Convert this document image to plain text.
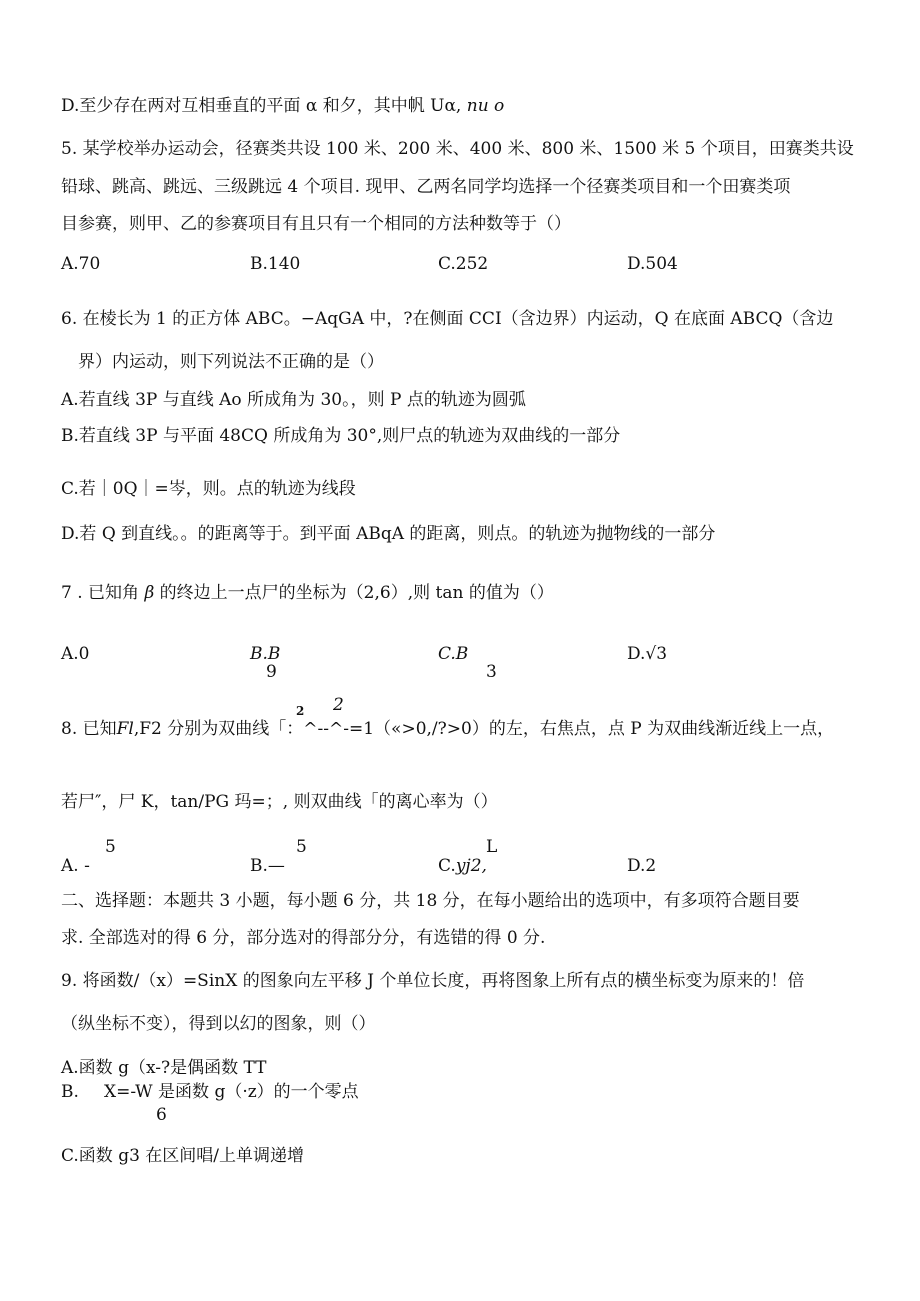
D.至少存在两对互相垂直的平面 α 和夕，其中帆 Uα, nu o
5. 某学校举办运动会，径赛类共设 100 米、200 米、400 米、800 米、1500 米 5 个项目，田赛类共设
铅球、跳高、跳远、三级跳远 4 个项目. 现甲、乙两名同学均选择一个径赛类项目和一个田赛类项
目参赛，则甲、乙的参赛项目有且只有一个相同的方法种数等于（）
A.70	B.140	C.252	D.504
6. 在棱长为 1 的正方体 ABC。−AqGA 中，?在侧面 CCI（含边界）内运动，Q 在底面 ABCQ（含边
界）内运动，则下列说法不正确的是（）
A.若直线 3P 与直线 Ao 所成角为 30。，则 P 点的轨迹为圆弧
B.若直线 3P 与平面 48CQ 所成角为 30°,则尸点的轨迹为双曲线的一部分
C.若｜0Q｜=岑，则。点的轨迹为线段
D.若 Q 到直线。。的距离等于。到平面 ABqA 的距离，则点。的轨迹为抛物线的一部分
7 . 已知角 β 的终边上一点尸的坐标为（2,6）,则 tan 的值为（）
A.0	B.B
9
C.B
3
D.√3
2 2
8. 已知Fl,F2 分别为双曲线「：^--^-=1（«>0,/?>0）的左，右焦点，点 P 为双曲线渐近线上一点，
若尸″，尸 K，tan/PG 玛=；, 则双曲线「的离心率为（）
5
A. -
5
B.—
L
C.yj2,	D.2
二、选择题：本题共 3 小题，每小题 6 分，共 18 分，在每小题给出的选项中，有多项符合题目要
求. 全部选对的得 6 分，部分选对的得部分分，有选错的得 0 分.
9. 将函数/（x）=SinX 的图象向左平移 J 个单位长度，再将图象上所有点的横坐标变为原来的！倍
（纵坐标不变），得到以幻的图象，则（）
A.函数 g（x-?是偶函数 TT
B. X=-W 是函数 g（·z）的一个零点
6
C.函数 g3 在区间唱/上单调递增
